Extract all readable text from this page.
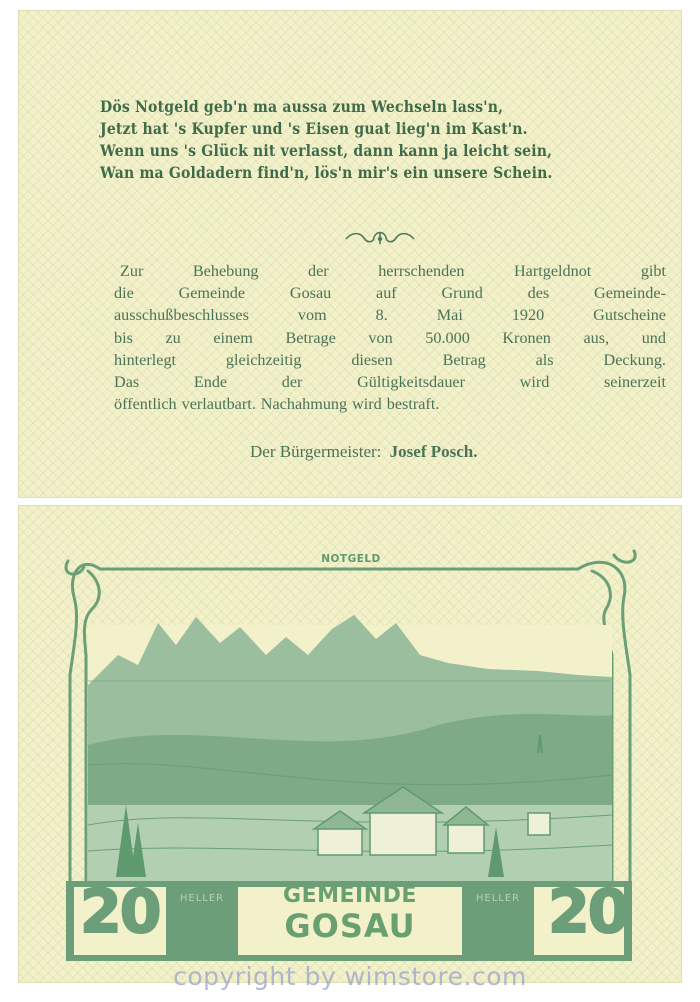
Dös Notgeld geb'n ma aussa zum Wechseln lass'n,
Jetzt hat 's Kupfer und 's Eisen guat lieg'n im Kast'n.
Wenn uns 's Glück nit verlasst, dann kann ja leicht sein,
Wan ma Goldadern find'n, lös'n mir's ein unsere Schein.
Zur	Behebung	der	herrschenden	Hartgeldnot	gibt
die	Gemeinde	Gosau	auf	Grund	des	Gemeinde-
ausschußbeschlusses	vom	8.	Mai	1920	Gutscheine
bis zu einem Betrage von 50.000 Kronen aus, und
hinterlegt	gleichzeitig	diesen	Betrag	als	Deckung.
Das	Ende	der	Gültigkeitsdauer	wird	seinerzeit
öffentlich verlautbart. Nachahmung wird bestraft.
Der Bürgermeister: Josef Posch.
NOTGELD
20	20
HELLER	HELLER
GEMEINDE
GOSAU
copyright by wimstore.com
